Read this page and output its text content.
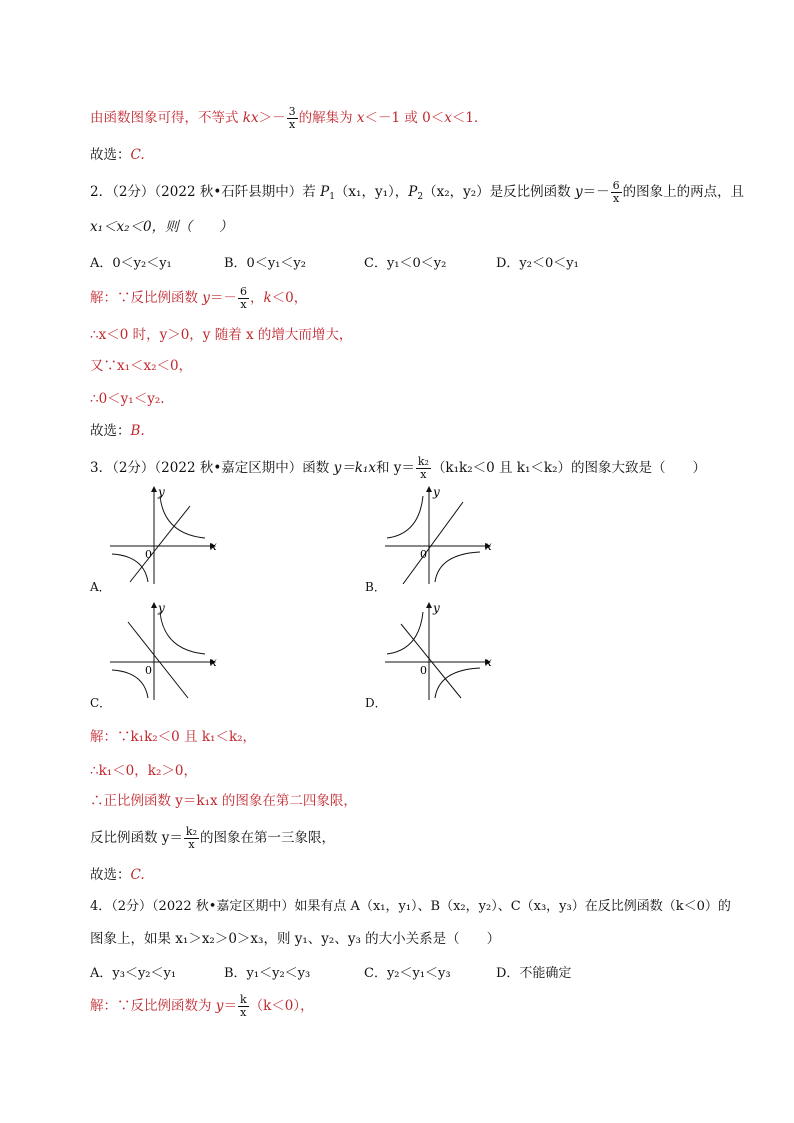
由函数图象可得，不等式 $kx>- \frac{3}{x}$ 的解集为 x＜－1 或 0＜x＜1．
故选：C.
2．（2分）（2022 秋•石阡县期中）若 $P_1(x_1$，y₁），$P_2(x_2$，y₂）是反比例函数 $y=- \frac{6}{x}$ 的图象上的两点，且
x₁＜x₂＜0，则（　　）
A．0＜y₂＜y₁	B．0＜y₁＜y₂	C．y₁＜0＜y₂	D．y₂＜0＜y₁
解：∵反比例函数 $y=- \frac{6}{x}$ ，k＜0，
∴x＜0 时，y＞0，y 随着 x 的增大而增大，
又∵x₁＜x₂＜0，
∴0＜y₁＜y₂.
故选：B.
3．（2分）（2022 秋•嘉定区期中）函数 y＝k₁x和 $y= \frac{\text{k₂}}{x} (k_1k_2<0$ 且 k₁＜k₂）的图象大致是（　　）
0
x
y
A．
0
x
y
B．
0
x
y
C．
0
x
y
D．
解：∵k₁k₂＜0 且 k₁＜k₂，
∴k₁＜0，k₂＞0，
∴正比例函数 y＝k₁x 的图象在第二四象限，
反比例函数 $y= \frac{\text{k₂}}{x}$ 的图象在第一三象限，
故选：C.
4．（2分）（2022 秋•嘉定区期中）如果有点 A（x₁，y₁）、B（x₂，y₂）、C（x₃，y₃）在反比例函数（k＜0）的
图象上，如果 x₁＞x₂＞0＞x₃，则 y₁、y₂、y₃ 的大小关系是（　　）
A．y₃＜y₂＜y₁	B．y₁＜y₂＜y₃	C．y₂＜y₁＜y₃	D．不能确定
解：∵反比例函数为 $y= \frac{k}{x} (k<0)$，
